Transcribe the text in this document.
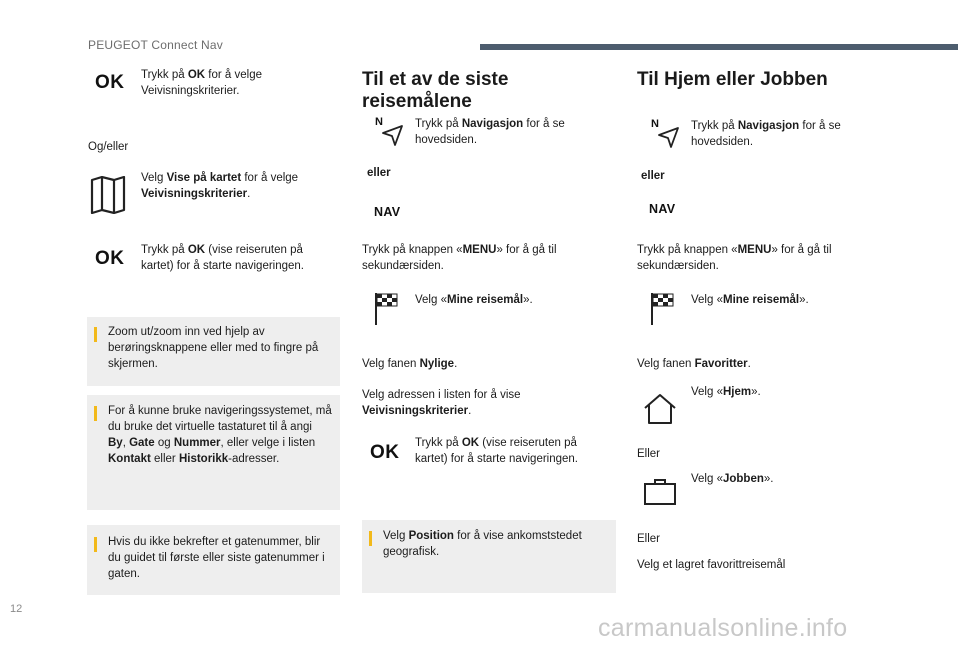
PEUGEOT Connect Nav
OK Trykk på OK for å velge Veivisningskriterier.
Og/eller
Velg Vise på kartet for å velge Veivisningskriterier.
OK Trykk på OK (vise reiseruten på kartet) for å starte navigeringen.
Zoom ut/zoom inn ved hjelp av berøringsknappene eller med to fingre på skjermen.
For å kunne bruke navigeringssystemet, må du bruke det virtuelle tastaturet til å angi By, Gate og Nummer, eller velge i listen Kontakt eller Historikk-adresser.
Hvis du ikke bekrefter et gatenummer, blir du guidet til første eller siste gatenummer i gaten.
Til et av de siste reisemålene
N	Trykk på Navigasjon for å se hovedsiden.
eller
NAV
Trykk på knappen «MENU» for å gå til sekundærsiden.
Velg «Mine reisemål».
Velg fanen Nylige.
Velg adressen i listen for å vise Veivisningskriterier.
OK Trykk på OK (vise reiseruten på kartet) for å starte navigeringen.
Velg Position for å vise ankomststedet geografisk.
Til Hjem eller Jobben
N	Trykk på Navigasjon for å se hovedsiden.
eller
NAV
Trykk på knappen «MENU» for å gå til sekundærsiden.
Velg «Mine reisemål».
Velg fanen Favoritter.
Velg «Hjem».
Eller
Velg «Jobben».
Eller
Velg et lagret favorittreisemål
12
carmanualsonline.info
